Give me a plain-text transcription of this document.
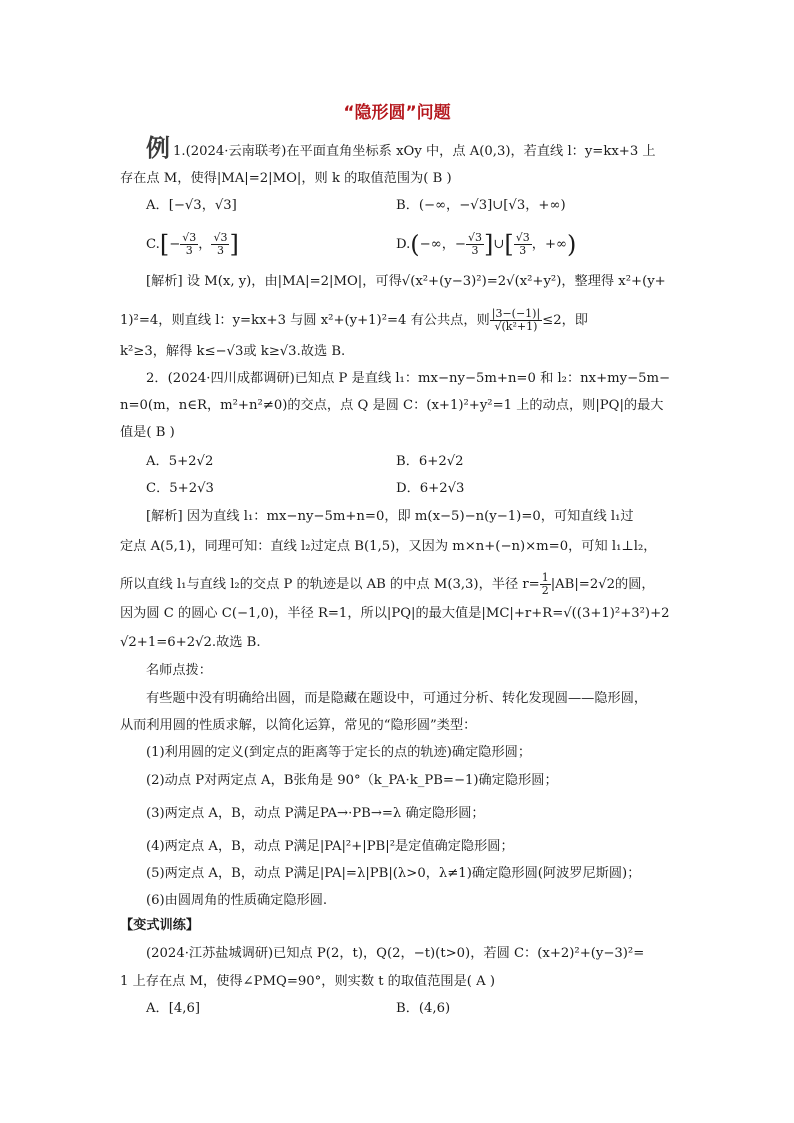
“隐形圆”问题
例 1.(2024·云南联考)在平面直角坐标系 xOy 中，点 A(0,3)，若直线 l：y=kx+3 上
存在点 M，使得|MA|=2|MO|，则 k 的取值范围为( B )
A．[−√3，√3]	B．(−∞，−√3]∪[√3，+∞)
$C.[- \frac{√3}{3}$ ， $\frac{√3}{3}$ ]	D.(−∞，− $\frac{√3}{3}$ ]∪[ $\frac{√3}{3}$ ，+∞)
[解析] 设 M(x, y)，由|MA|=2|MO|，可得√(x²+(y−3)²)=2√(x²+y²)，整理得 x²+(y+
1)²=4，则直线 l：y=kx+3 与圆 x²+(y+1)²=4 有公共点，则 $\frac{|3-(-1)|}{\text{√(k²+1)}} \le 2$，即
k²≥3，解得 k≤−√3或 k≥√3.故选 B.
2．(2024·四川成都调研)已知点 P 是直线 l₁：mx−ny−5m+n=0 和 l₂：nx+my−5m−
n=0(m，n∈R，m²+n²≠0)的交点，点 Q 是圆 C：(x+1)²+y²=1 上的动点，则|PQ|的最大
值是( B )
A．5+2√2	B．6+2√2
C．5+2√3	D．6+2√3
[解析] 因为直线 l₁：mx−ny−5m+n=0，即 m(x−5)−n(y−1)=0，可知直线 l₁过
定点 A(5,1)，同理可知：直线 l₂过定点 B(1,5)，又因为 m×n+(−n)×m=0，可知 l₁⊥l₂，
所以直线 l₁与直线 l₂的交点 P 的轨迹是以 AB 的中点 M(3,3)，半径 $r= \frac{1}{2} |AB|=2√2$的圆，
因为圆 C 的圆心 C(−1,0)，半径 R=1，所以|PQ|的最大值是|MC|+r+R=√((3+1)²+3²)+2
√2+1=6+2√2.故选 B.
名师点拨：
有些题中没有明确给出圆，而是隐藏在题设中，可通过分析、转化发现圆——隐形圆，
从而利用圆的性质求解，以简化运算，常见的“隐形圆”类型：
(1)利用圆的定义(到定点的距离等于定长的点的轨迹)确定隐形圆；
(2)动点 P对两定点 A，B张角是 90°（k_PA·k_PB=−1)确定隐形圆；
(3)两定点 A，B，动点 P满足PA→·PB→=λ 确定隐形圆；
(4)两定点 A，B，动点 P满足|PA|²+|PB|²是定值确定隐形圆；
(5)两定点 A，B，动点 P满足|PA|=λ|PB|(λ>0，λ≠1)确定隐形圆(阿波罗尼斯圆)；
(6)由圆周角的性质确定隐形圆.
【变式训练】
(2024·江苏盐城调研)已知点 P(2，t)，Q(2，−t)(t>0)，若圆 C：(x+2)²+(y−3)²=
1 上存在点 M，使得∠PMQ=90°，则实数 t 的取值范围是( A )
A．[4,6]	B．(4,6)
